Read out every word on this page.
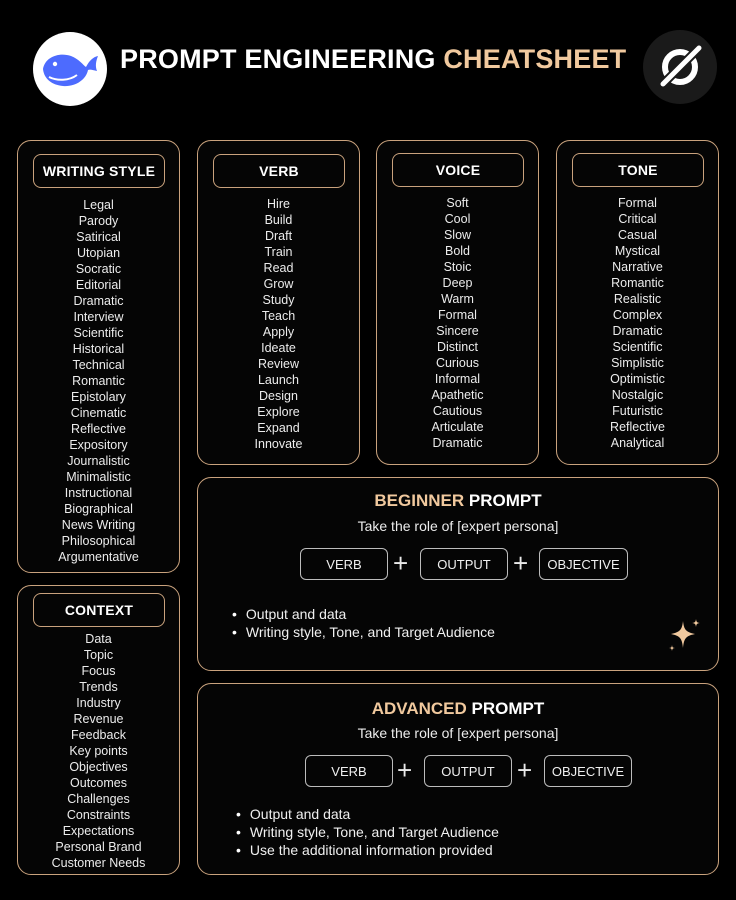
PROMPT ENGINEERING CHEATSHEET
WRITING STYLE
Legal
Parody
Satirical
Utopian
Socratic
Editorial
Dramatic
Interview
Scientific
Historical
Technical
Romantic
Epistolary
Cinematic
Reflective
Expository
Journalistic
Minimalistic
Instructional
Biographical
News Writing
Philosophical
Argumentative
VERB
Hire
Build
Draft
Train
Read
Grow
Study
Teach
Apply
Ideate
Review
Launch
Design
Explore
Expand
Innovate
VOICE
Soft
Cool
Slow
Bold
Stoic
Deep
Warm
Formal
Sincere
Distinct
Curious
Informal
Apathetic
Cautious
Articulate
Dramatic
TONE
Formal
Critical
Casual
Mystical
Narrative
Romantic
Realistic
Complex
Dramatic
Scientific
Simplistic
Optimistic
Nostalgic
Futuristic
Reflective
Analytical
CONTEXT
Data
Topic
Focus
Trends
Industry
Revenue
Feedback
Key points
Objectives
Outcomes
Challenges
Constraints
Expectations
Personal Brand
Customer Needs
BEGINNER PROMPT
Take the role of [expert persona]
VERB	+	OUTPUT +	OBJECTIVE
• Output and data
• Writing style, Tone, and Target Audience
ADVANCED PROMPT
Take the role of [expert persona]
VERB	+	OUTPUT +	OBJECTIVE
• Output and data
• Writing style, Tone, and Target Audience
• Use the additional information provided
